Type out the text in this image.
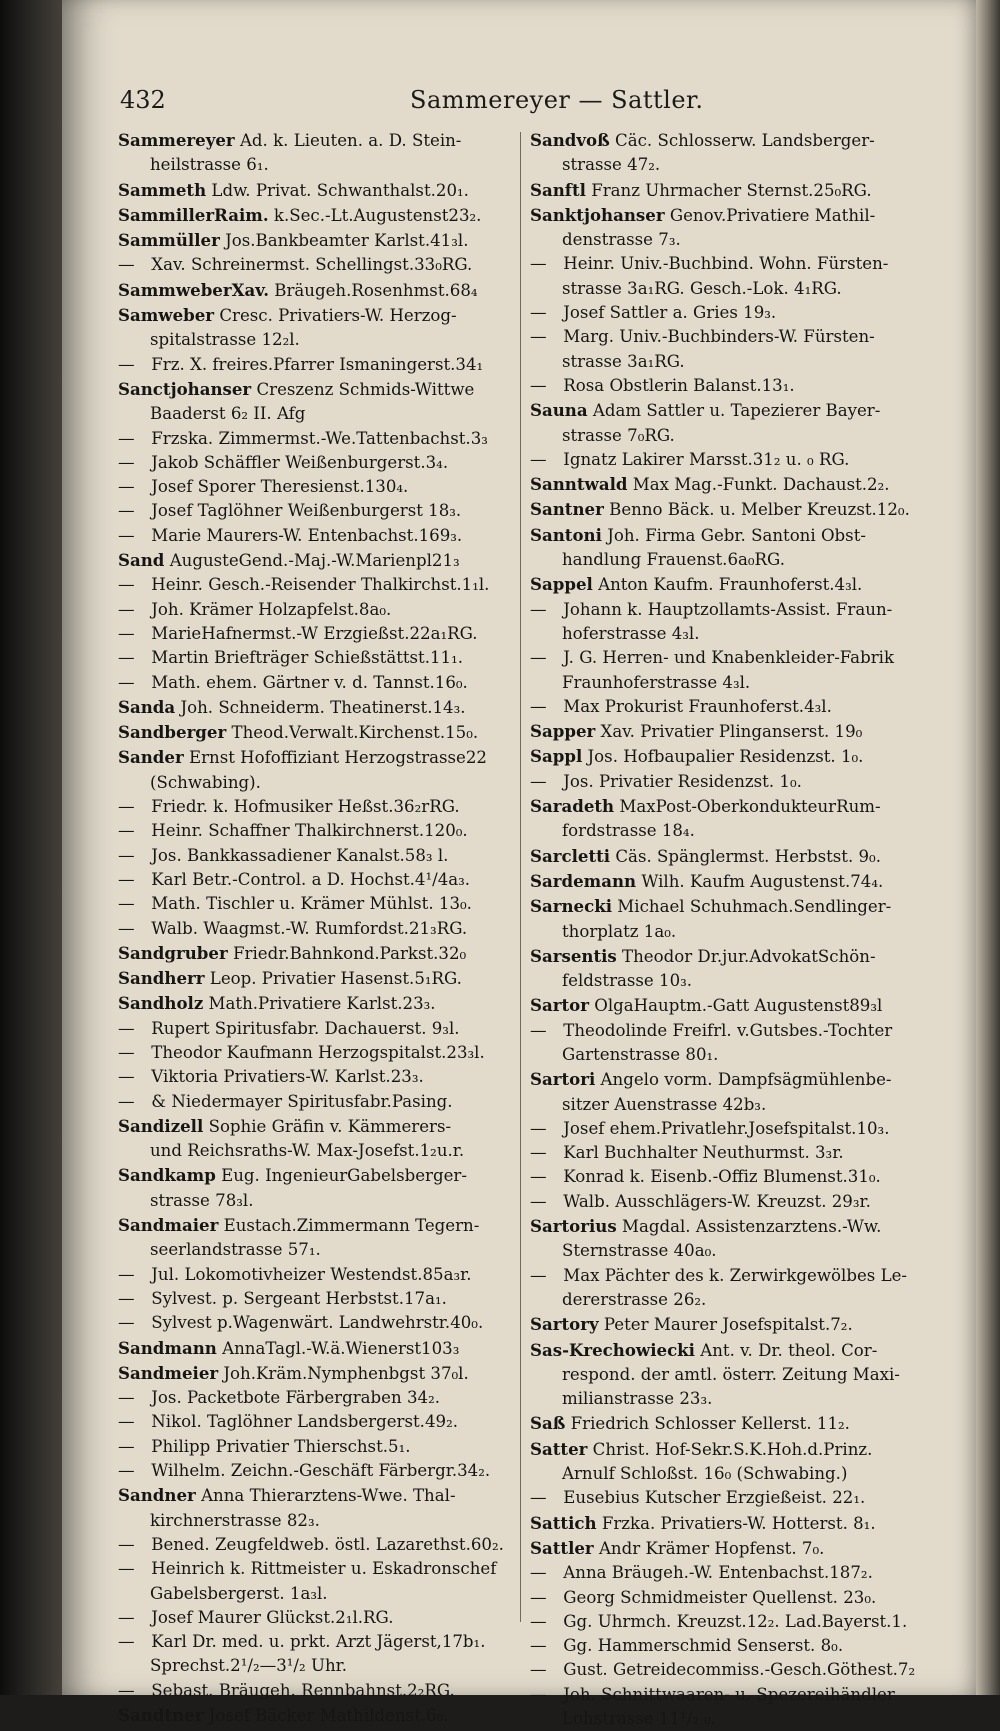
432	Sammereyer — Sattler.
Sammereyer Ad. k. Lieuten. a. D. Stein-
heilstrasse 6₁.
Sammeth Ldw. Privat. Schwanthalst.20₁.
SammillerRaim. k.Sec.-Lt.Augustenst23₂.
Sammüller Jos.Bankbeamter Karlst.41₃l.
— Xav. Schreinermst. Schellingst.33₀RG.
SammweberXav. Bräugeh.Rosenhmst.68₄
Samweber Cresc. Privatiers-W. Herzog-
spitalstrasse 12₂l.
— Frz. X. freires.Pfarrer Ismaningerst.34₁
Sanctjohanser Creszenz Schmids-Wittwe
Baaderst 6₂ II. Afg
— Frzska. Zimmermst.-We.Tattenbachst.3₃
— Jakob Schäffler Weißenburgerst.3₄.
— Josef Sporer Theresienst.130₄.
— Josef Taglöhner Weißenburgerst 18₃.
— Marie Maurers-W. Entenbachst.169₃.
Sand AugusteGend.-Maj.-W.Marienpl21₃
— Heinr. Gesch.-Reisender Thalkirchst.1₁l.
— Joh. Krämer Holzapfelst.8a₀.
— MarieHafnermst.-W Erzgießst.22a₁RG.
— Martin Briefträger Schießstättst.11₁.
— Math. ehem. Gärtner v. d. Tannst.16₀.
Sanda Joh. Schneiderm. Theatinerst.14₃.
Sandberger Theod.Verwalt.Kirchenst.15₀.
Sander Ernst Hofoffiziant Herzogstrasse22
(Schwabing).
— Friedr. k. Hofmusiker Heßst.36₂rRG.
— Heinr. Schaffner Thalkirchnerst.120₀.
— Jos. Bankkassadiener Kanalst.58₃ l.
— Karl Betr.-Control. a D. Hochst.4¹/4a₃.
— Math. Tischler u. Krämer Mühlst. 13₀.
— Walb. Waagmst.-W. Rumfordst.21₃RG.
Sandgruber Friedr.Bahnkond.Parkst.32₀
Sandherr Leop. Privatier Hasenst.5₁RG.
Sandholz Math.Privatiere Karlst.23₃.
— Rupert Spiritusfabr. Dachauerst. 9₃l.
— Theodor Kaufmann Herzogspitalst.23₃l.
— Viktoria Privatiers-W. Karlst.23₃.
— & Niedermayer Spiritusfabr.Pasing.
Sandizell Sophie Gräfin v. Kämmerers-
und Reichsraths-W. Max-Josefst.1₂u.r.
Sandkamp Eug. IngenieurGabelsberger-
strasse 78₃l.
Sandmaier Eustach.Zimmermann Tegern-
seerlandstrasse 57₁.
— Jul. Lokomotivheizer Westendst.85a₃r.
— Sylvest. p. Sergeant Herbstst.17a₁.
— Sylvest p.Wagenwärt. Landwehrstr.40₀.
Sandmann AnnaTagl.-W.ä.Wienerst103₃
Sandmeier Joh.Kräm.Nymphenbgst 37₀l.
— Jos. Packetbote Färbergraben 34₂.
— Nikol. Taglöhner Landsbergerst.49₂.
— Philipp Privatier Thierschst.5₁.
— Wilhelm. Zeichn.-Geschäft Färbergr.34₂.
Sandner Anna Thierarztens-Wwe. Thal-
kirchnerstrasse 82₃.
— Bened. Zeugfeldweb. östl. Lazarethst.60₂.
— Heinrich k. Rittmeister u. Eskadronschef
Gabelsbergerst. 1a₃l.
— Josef Maurer Glückst.2₁l.RG.
— Karl Dr. med. u. prkt. Arzt Jägerst,17b₁.
Sprechst.2¹/₂—3¹/₂ Uhr.
— Sebast. Bräugeh. Rennbahnst.2₂RG.
Sandtner Josef Bäcker Mathildenst.6₀.
Sandvoß Cäc. Schlosserw. Landsberger-
strasse 47₂.
Sanftl Franz Uhrmacher Sternst.25₀RG.
Sanktjohanser Genov.Privatiere Mathil-
denstrasse 7₃.
— Heinr. Univ.-Buchbind. Wohn. Fürsten-
strasse 3a₁RG. Gesch.-Lok. 4₁RG.
— Josef Sattler a. Gries 19₃.
— Marg. Univ.-Buchbinders-W. Fürsten-
strasse 3a₁RG.
— Rosa Obstlerin Balanst.13₁.
Sauna Adam Sattler u. Tapezierer Bayer-
strasse 7₀RG.
— Ignatz Lakirer Marsst.31₂ u. ₀ RG.
Sanntwald Max Mag.-Funkt. Dachaust.2₂.
Santner Benno Bäck. u. Melber Kreuzst.12₀.
Santoni Joh. Firma Gebr. Santoni Obst-
handlung Frauenst.6a₀RG.
Sappel Anton Kaufm. Fraunhoferst.4₃l.
— Johann k. Hauptzollamts-Assist. Fraun-
hoferstrasse 4₃l.
— J. G. Herren- und Knabenkleider-Fabrik
Fraunhoferstrasse 4₃l.
— Max Prokurist Fraunhoferst.4₃l.
Sapper Xav. Privatier Plinganserst. 19₀
Sappl Jos. Hofbaupalier Residenzst. 1₀.
— Jos. Privatier Residenzst. 1₀.
Saradeth MaxPost-OberkondukteurRum-
fordstrasse 18₄.
Sarcletti Cäs. Spänglermst. Herbstst. 9₀.
Sardemann Wilh. Kaufm Augustenst.74₄.
Sarnecki Michael Schuhmach.Sendlinger-
thorplatz 1a₀.
Sarsentis Theodor Dr.jur.AdvokatSchön-
feldstrasse 10₃.
Sartor OlgaHauptm.-Gatt Augustenst89₃l
— Theodolinde Freifrl. v.Gutsbes.-Tochter
Gartenstrasse 80₁.
Sartori Angelo vorm. Dampfsägmühlenbe-
sitzer Auenstrasse 42b₃.
— Josef ehem.Privatlehr.Josefspitalst.10₃.
— Karl Buchhalter Neuthurmst. 3₃r.
— Konrad k. Eisenb.-Offiz Blumenst.31₀.
— Walb. Ausschlägers-W. Kreuzst. 29₃r.
Sartorius Magdal. Assistenzarztens.-Ww.
Sternstrasse 40a₀.
— Max Pächter des k. Zerwirkgewölbes Le-
dererstrasse 26₂.
Sartory Peter Maurer Josefspitalst.7₂.
Sas-Krechowiecki Ant. v. Dr. theol. Cor-
respond. der amtl. österr. Zeitung Maxi-
milianstrasse 23₃.
Saß Friedrich Schlosser Kellerst. 11₂.
Satter Christ. Hof-Sekr.S.K.Hoh.d.Prinz.
Arnulf Schloßst. 16₀ (Schwabing.)
— Eusebius Kutscher Erzgießeist. 22₁.
Sattich Frzka. Privatiers-W. Hotterst. 8₁.
Sattler Andr Krämer Hopfenst. 7₀.
— Anna Bräugeh.-W. Entenbachst.187₂.
— Georg Schmidmeister Quellenst. 23₀.
— Gg. Uhrmch. Kreuzst.12₂. Lad.Bayerst.1.
— Gg. Hammerschmid Senserst. 8₀.
— Gust. Getreidecommiss.-Gesch.Göthest.7₂
— Joh. Schnittwaaren- u. Spezereihändler
Lohstrasse 11¹/₂ ₀.
